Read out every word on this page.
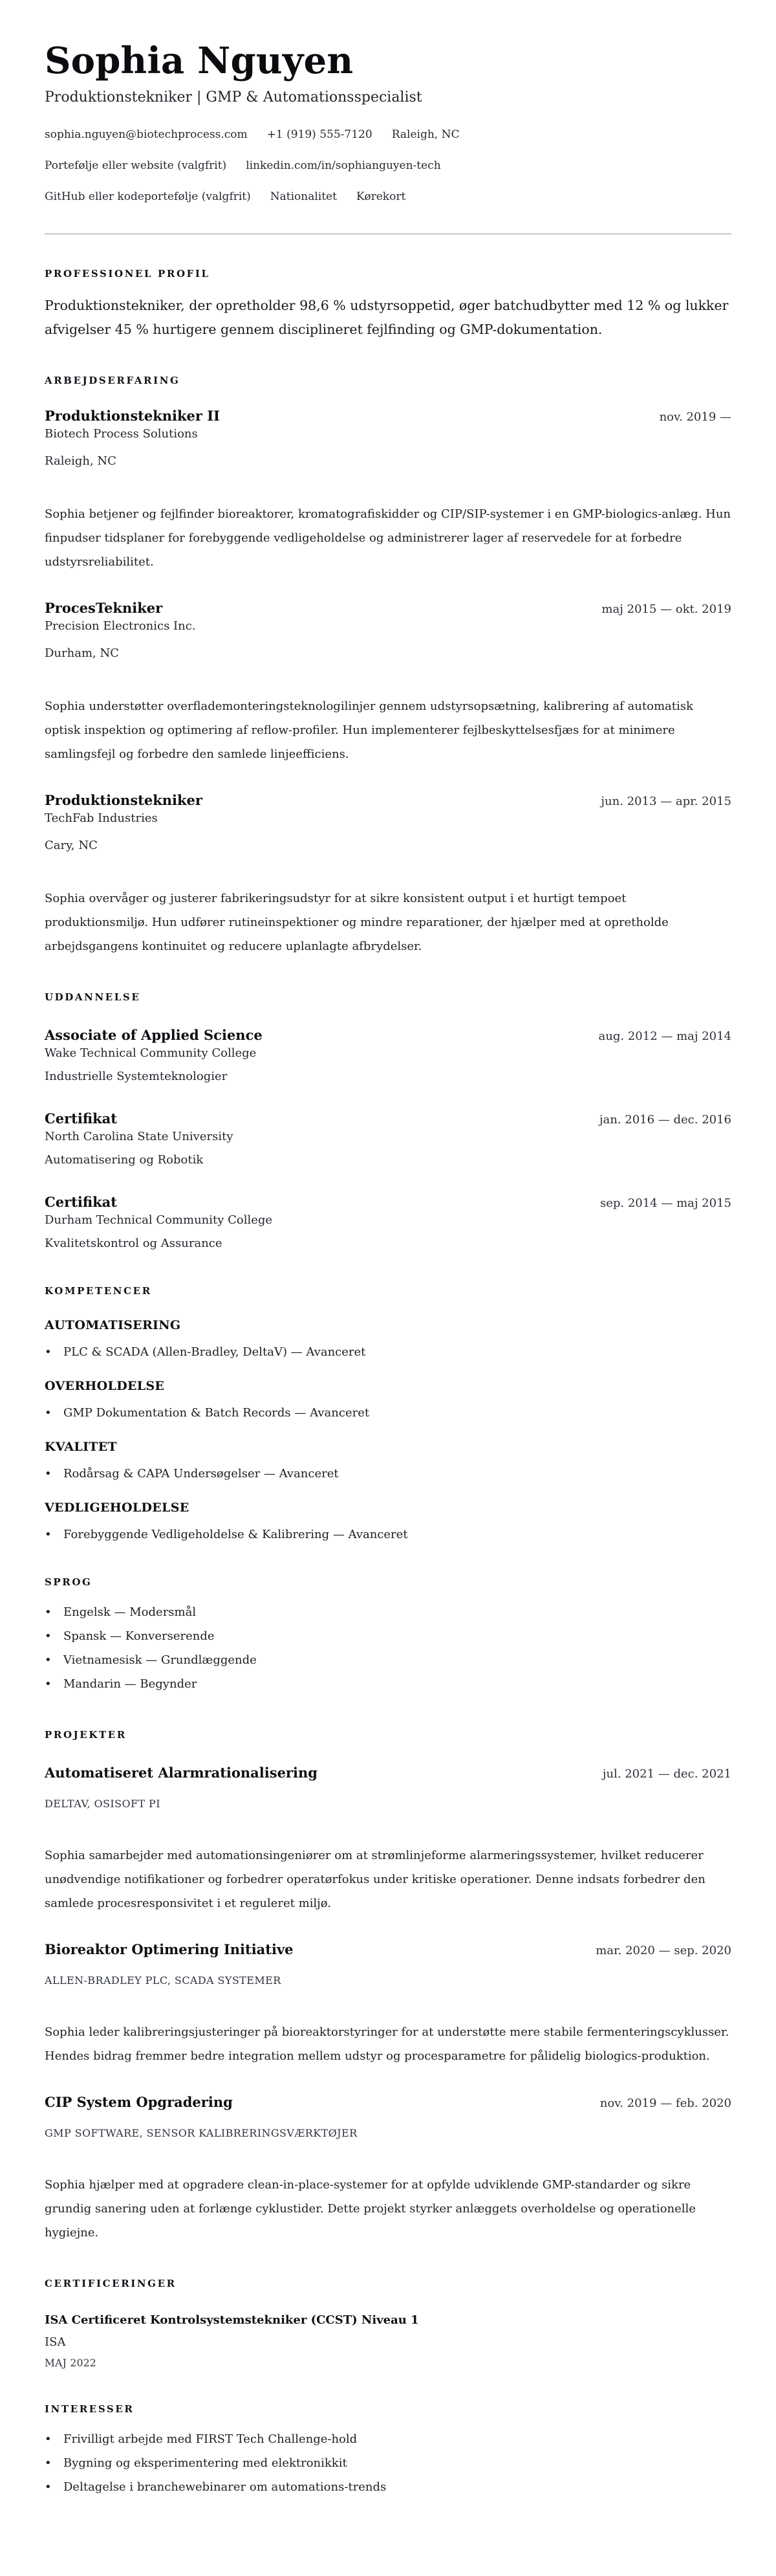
Sophia Nguyen
Produktionstekniker | GMP & Automationsspecialist
sophia.nguyen@biotechprocess.com +1 (919) 555-7120 Raleigh, NC
Portefølje eller website (valgfrit) linkedin.com/in/sophianguyen-tech
GitHub eller kodeportefølje (valgfrit) Nationalitet Kørekort
PROFESSIONEL PROFIL

Produktionstekniker, der opretholder 98,6 % udstyrsoppetid, øger batchudbytter med 12 % og lukker afvigelser 45 % hurtigere gennem disciplineret fejlfinding og GMP-dokumentation.

ARBEJDSERFARING
Produktionstekniker II	nov. 2019 —
Biotech Process Solutions
Raleigh, NC

Sophia betjener og fejlfinder bioreaktorer, kromatografiskidder og CIP/SIP-systemer i en GMP-biologics-anlæg. Hun finpudser tidsplaner for forebyggende vedligeholdelse og administrerer lager af reservedele for at forbedre udstyrsreliabilitet.

ProcesTekniker	maj 2015 — okt. 2019
Precision Electronics Inc.
Durham, NC

Sophia understøtter overflademonteringsteknologilinjer gennem udstyrsopsætning, kalibrering af automatisk optisk inspektion og optimering af reflow-profiler. Hun implementerer fejlbeskyttelsesfjæs for at minimere samlingsfejl og forbedre den samlede linjeefficiens.

Produktionstekniker	jun. 2013 — apr. 2015
TechFab Industries
Cary, NC

Sophia overvåger og justerer fabrikeringsudstyr for at sikre konsistent output i et hurtigt tempoet produktionsmiljø. Hun udfører rutineinspektioner og mindre reparationer, der hjælper med at opretholde arbejdsgangens kontinuitet og reducere uplanlagte afbrydelser.

UDDANNELSE
Associate of Applied Science	aug. 2012 — maj 2014
Wake Technical Community College
Industrielle Systemteknologier
Certifikat	jan. 2016 — dec. 2016
North Carolina State University
Automatisering og Robotik
Certifikat	sep. 2014 — maj 2015
Durham Technical Community College
Kvalitetskontrol og Assurance
KOMPETENCER
AUTOMATISERING
• PLC & SCADA (Allen-Bradley, DeltaV) — Avanceret
OVERHOLDELSE
• GMP Dokumentation & Batch Records — Avanceret
KVALITET
• Rodårsag & CAPA Undersøgelser — Avanceret
VEDLIGEHOLDELSE
• Forebyggende Vedligeholdelse & Kalibrering — Avanceret
SPROG
• Engelsk — Modersmål
• Spansk — Konverserende
• Vietnamesisk — Grundlæggende
• Mandarin — Begynder
PROJEKTER
Automatiseret Alarmrationalisering	jul. 2021 — dec. 2021
DELTAV, OSISOFT PI

Sophia samarbejder med automationsingeniører om at strømlinjeforme alarmeringssystemer, hvilket reducerer unødvendige notifikationer og forbedrer operatørfokus under kritiske operationer. Denne indsats forbedrer den samlede procesresponsivitet i et reguleret miljø.

Bioreaktor Optimering Initiative	mar. 2020 — sep. 2020
ALLEN-BRADLEY PLC, SCADA SYSTEMER

Sophia leder kalibreringsjusteringer på bioreaktorstyringer for at understøtte mere stabile fermenteringscyklusser. Hendes bidrag fremmer bedre integration mellem udstyr og procesparametre for pålidelig biologics-produktion.

CIP System Opgradering	nov. 2019 — feb. 2020
GMP SOFTWARE, SENSOR KALIBRERINGSVÆRKTØJER

Sophia hjælper med at opgradere clean-in-place-systemer for at opfylde udviklende GMP-standarder og sikre grundig sanering uden at forlænge cyklustider. Dette projekt styrker anlæggets overholdelse og operationelle hygiejne.

CERTIFICERINGER
ISA Certificeret Kontrolsystemstekniker (CCST) Niveau 1
ISA
MAJ 2022
INTERESSER
• Frivilligt arbejde med FIRST Tech Challenge-hold
• Bygning og eksperimentering med elektronikkit
• Deltagelse i branchewebinarer om automations-trends
